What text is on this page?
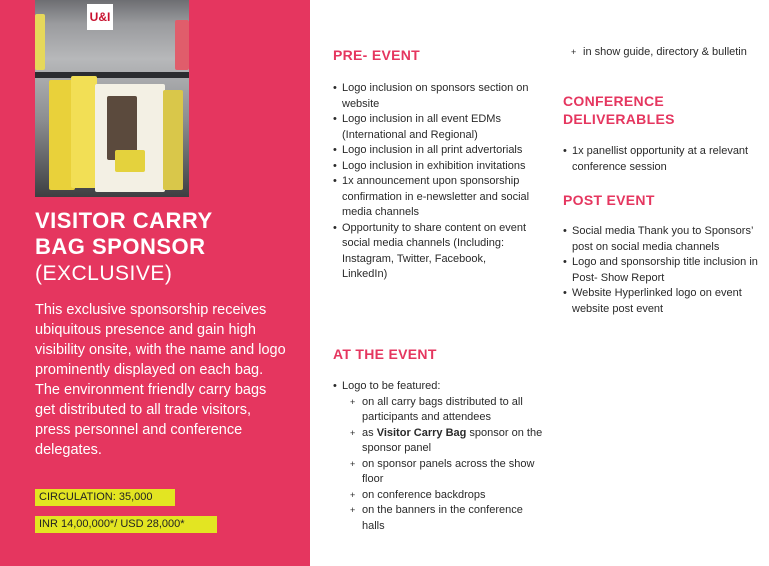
U&I
VISITOR CARRY
BAG SPONSOR
(EXCLUSIVE)
This exclusive sponsorship receives ubiquitous presence and gain high visibility onsite, with the name and logo prominently displayed on each bag. The environment friendly carry bags get distributed to all trade visitors, press personnel and conference delegates.
CIRCULATION: 35,000
INR 14,00,000*/ USD 28,000*
PRE- EVENT
• Logo inclusion on sponsors section on website
• Logo inclusion in all event EDMs (International and Regional)
• Logo inclusion in all print advertorials
• Logo inclusion in exhibition invitations
• 1x announcement upon sponsorship confirmation in e-newsletter and social media channels
• Opportunity to share content on event social media channels (Including: Instagram, Twitter, Facebook, LinkedIn)
AT THE EVENT
• Logo to be featured:
+ on all carry bags distributed to all participants and attendees
+ as Visitor Carry Bag sponsor on the sponsor panel
+ on sponsor panels across the show floor
+ on conference backdrops
+ on the banners in the conference halls
+ in show guide, directory & bulletin
CONFERENCE
DELIVERABLES
• 1x panellist opportunity at a relevant conference session
POST EVENT
• Social media Thank you to Sponsors’ post on social media channels
• Logo and sponsorship title inclusion in Post- Show Report
• Website Hyperlinked logo on event website post event
